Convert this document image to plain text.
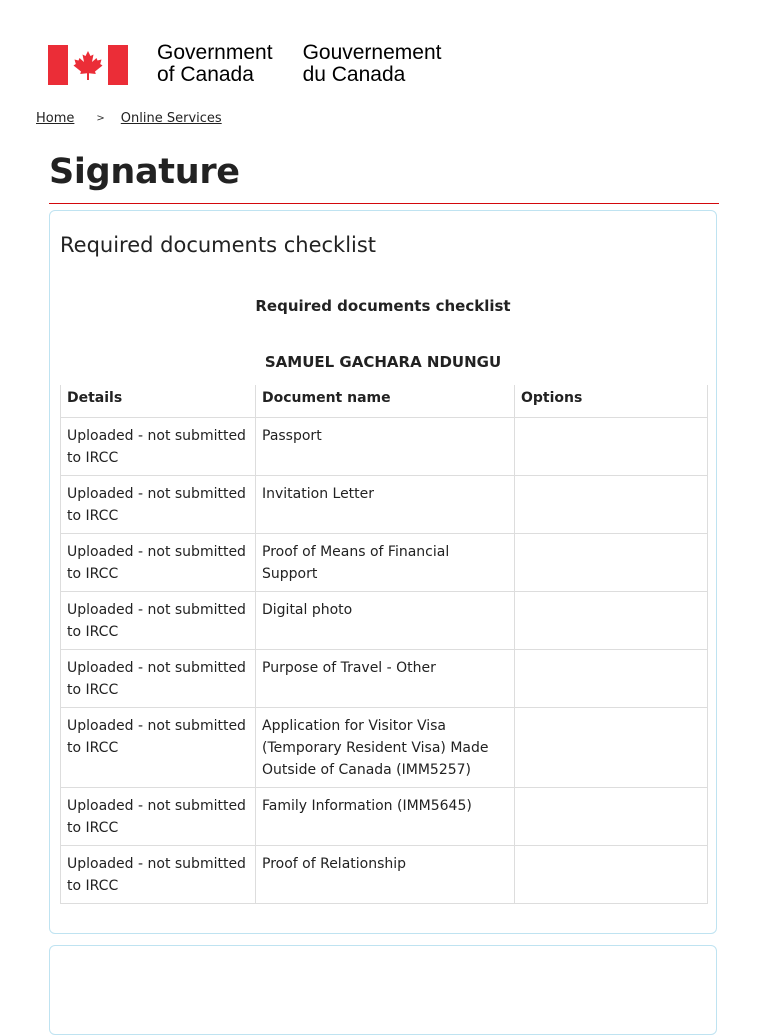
Government
of Canada
Gouvernement
du Canada
Home > Online Services
Signature
Required documents checklist
Required documents checklist
SAMUEL GACHARA NDUNGU
Details	Document name	Options
Uploaded - not submitted to IRCC	Passport	
Uploaded - not submitted to IRCC	Invitation Letter	
Uploaded - not submitted to IRCC	Proof of Means of Financial Support	
Uploaded - not submitted to IRCC	Digital photo	
Uploaded - not submitted to IRCC	Purpose of Travel - Other	
Uploaded - not submitted to IRCC	Application for Visitor Visa (Temporary Resident Visa) Made Outside of Canada (IMM5257)	
Uploaded - not submitted to IRCC	Family Information (IMM5645)	
Uploaded - not submitted to IRCC	Proof of Relationship	
